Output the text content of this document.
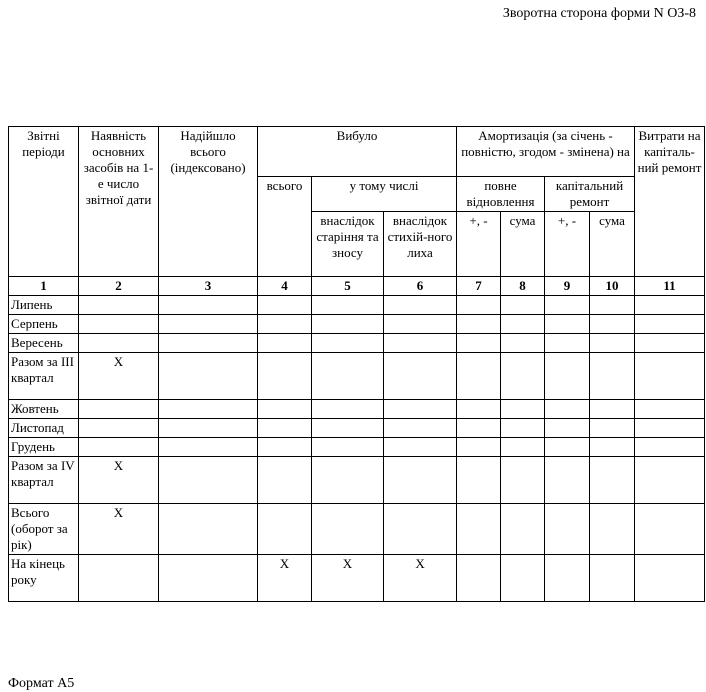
Зворотна сторона форми N ОЗ-8
Звітні періоди	Наявність основних засобів на 1-е число звітної дати	Надійшло всього (індексовано)	Вибуло			Амортизація (за січень - повністю, згодом - змінена) на				Витрати на капіталь-ний ремонт
			всього	у тому числі		повне відновлення		капітальний ремонт		
				внаслідок старіння та зносу	внаслідок стихій-ного лиха	+, -	сума	+, -	сума	
1	2	3	4	5	6	7	8	9	10	11
Липень										
Серпень										
Вересень										
Разом за III квартал	Х									
Жовтень										
Листопад										
Грудень										
Разом за IV квартал	Х									
Всього (оборот за рік)	Х									
На кінець року			Х	Х	Х					
Формат А5
